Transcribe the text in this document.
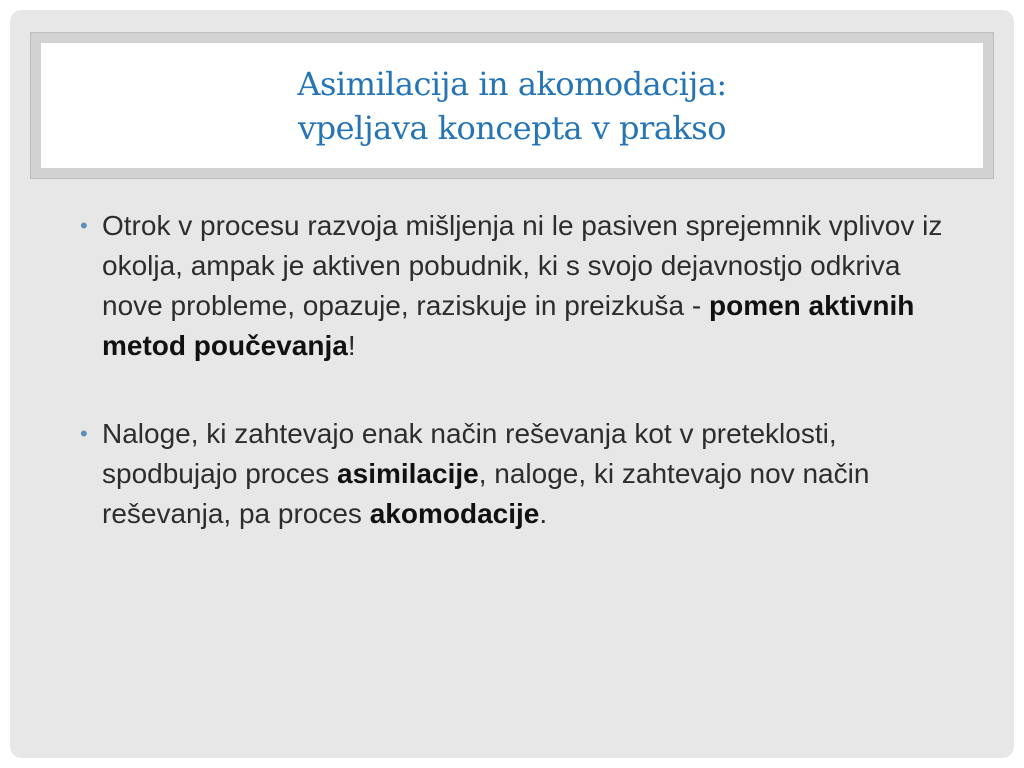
Asimilacija in akomodacija:
vpeljava koncepta v prakso
• Otrok v procesu razvoja mišljenja ni le pasiven sprejemnik vplivov iz okolja, ampak je aktiven pobudnik, ki s svojo dejavnostjo odkriva nove probleme, opazuje, raziskuje in preizkuša - pomen aktivnih metod poučevanja!
• Naloge, ki zahtevajo enak način reševanja kot v preteklosti, spodbujajo proces asimilacije, naloge, ki zahtevajo nov način reševanja, pa proces akomodacije.
